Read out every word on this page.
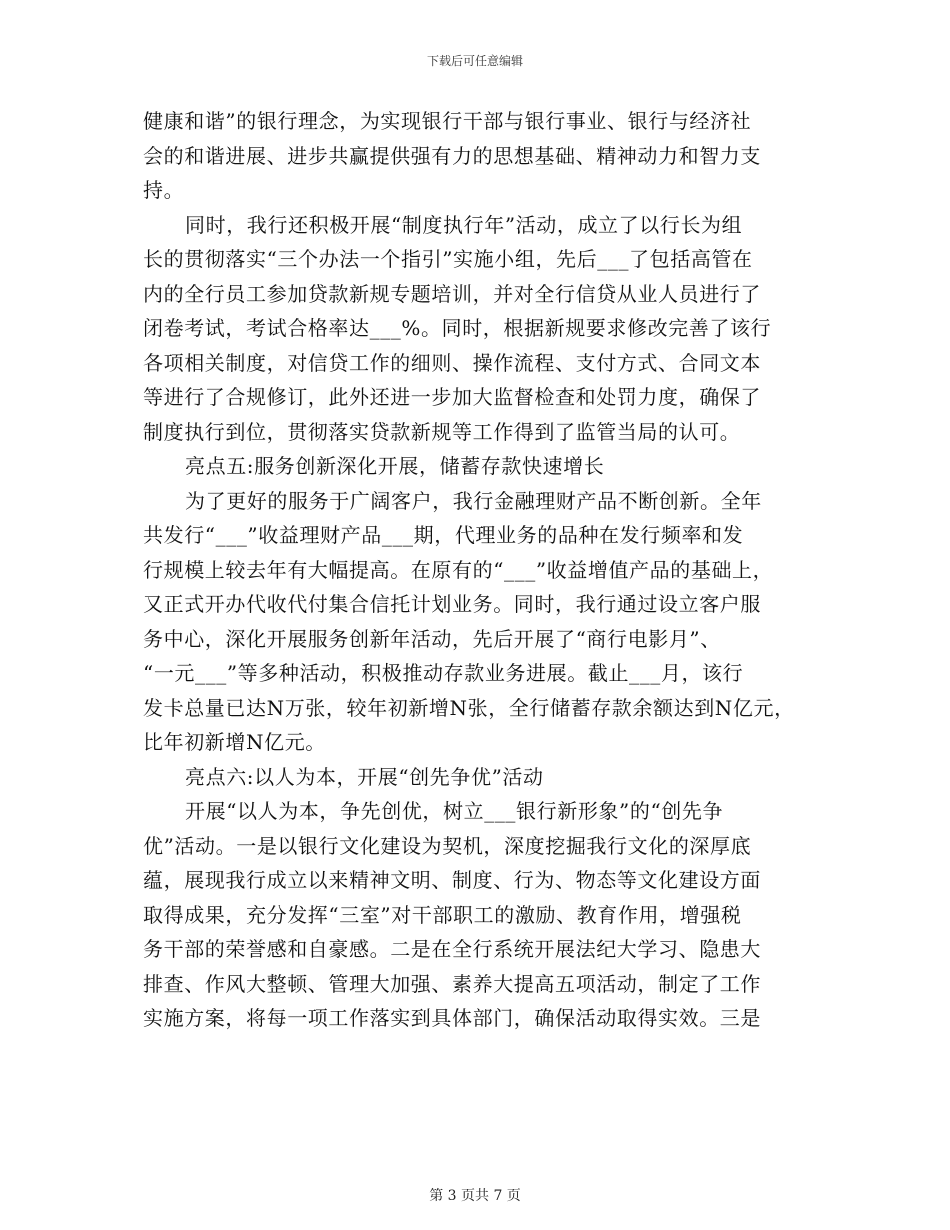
下载后可任意编辑
健康和谐”的银行理念，为实现银行干部与银行事业、银行与经济社
会的和谐进展、进步共赢提供强有力的思想基础、精神动力和智力支
持。
同时，我行还积极开展“制度执行年”活动，成立了以行长为组
长的贯彻落实“三个办法一个指引”实施小组，先后___了包括高管在
内的全行员工参加贷款新规专题培训，并对全行信贷从业人员进行了
闭卷考试，考试合格率达___%。同时，根据新规要求修改完善了该行
各项相关制度，对信贷工作的细则、操作流程、支付方式、合同文本
等进行了合规修订，此外还进一步加大监督检查和处罚力度，确保了
制度执行到位，贯彻落实贷款新规等工作得到了监管当局的认可。
亮点五:服务创新深化开展，储蓄存款快速增长
为了更好的服务于广阔客户，我行金融理财产品不断创新。全年
共发行“___”收益理财产品___期，代理业务的品种在发行频率和发
行规模上较去年有大幅提高。在原有的“___”收益增值产品的基础上，
又正式开办代收代付集合信托计划业务。同时，我行通过设立客户服
务中心，深化开展服务创新年活动，先后开展了“商行电影月”、
“一元___”等多种活动，积极推动存款业务进展。截止___月，该行
发卡总量已达N万张，较年初新增N张，全行储蓄存款余额达到N亿元，
比年初新增N亿元。
亮点六:以人为本，开展“创先争优”活动
开展“以人为本，争先创优，树立___银行新形象”的“创先争
优”活动。一是以银行文化建设为契机，深度挖掘我行文化的深厚底
蕴，展现我行成立以来精神文明、制度、行为、物态等文化建设方面
取得成果，充分发挥“三室”对干部职工的激励、教育作用，增强税
务干部的荣誉感和自豪感。二是在全行系统开展法纪大学习、隐患大
排查、作风大整顿、管理大加强、素养大提高五项活动，制定了工作
实施方案，将每一项工作落实到具体部门，确保活动取得实效。三是
第 3 页共 7 页
